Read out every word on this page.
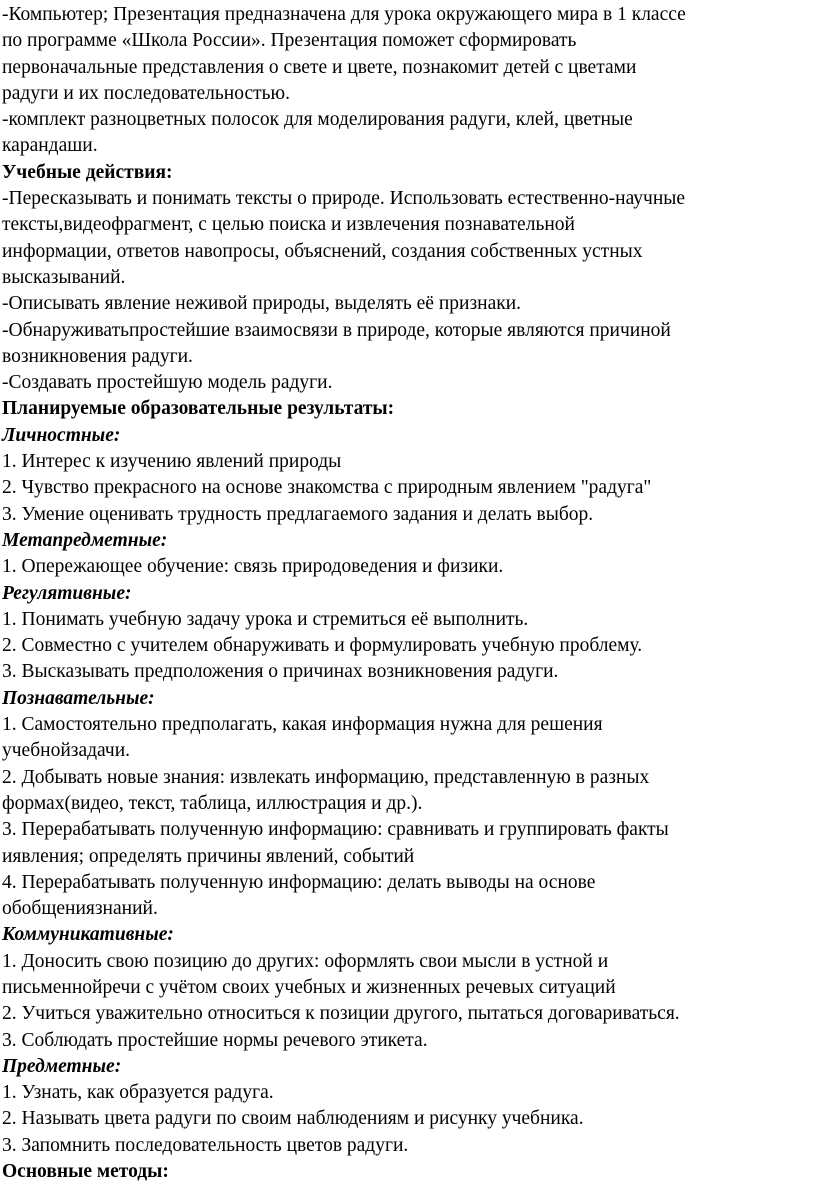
-Компьютер; Презентация предназначена для урока окружающего мира в 1 классе
по программе «Школа России». Презентация поможет сформировать
первоначальные представления о свете и цвете, познакомит детей с цветами
радуги и их последовательностью.
-комплект разноцветных полосок для моделирования радуги, клей, цветные
карандаши.
Учебные действия:
-Пересказывать и понимать тексты о природе. Использовать естественно-научные
тексты,видеофрагмент, с целью поиска и извлечения познавательной
информации, ответов навопросы, объяснений, создания собственных устных
высказываний.
-Описывать явление неживой природы, выделять её признаки.
-Обнаруживатьпростейшие взаимосвязи в природе, которые являются причиной
возникновения радуги.
-Создавать простейшую модель радуги.
Планируемые образовательные результаты:
Личностные:
1. Интерес к изучению явлений природы
2. Чувство прекрасного на основе знакомства с природным явлением "радуга"
3. Умение оценивать трудность предлагаемого задания и делать выбор.
Метапредметные:
1. Опережающее обучение: связь природоведения и физики.
Регулятивные:
1. Понимать учебную задачу урока и стремиться её выполнить.
2. Совместно с учителем обнаруживать и формулировать учебную проблему.
3. Высказывать предположения о причинах возникновения радуги.
Познавательные:
1. Самостоятельно предполагать, какая информация нужна для решения
учебнойзадачи.
2. Добывать новые знания: извлекать информацию, представленную в разных
формах(видео, текст, таблица, иллюстрация и др.).
3. Перерабатывать полученную информацию: сравнивать и группировать факты
иявления; определять причины явлений, событий
4. Перерабатывать полученную информацию: делать выводы на основе
обобщениязнаний.
Коммуникативные:
1. Доносить свою позицию до других: оформлять свои мысли в устной и
письменнойречи с учётом своих учебных и жизненных речевых ситуаций
2. Учиться уважительно относиться к позиции другого, пытаться договариваться.
3. Соблюдать простейшие нормы речевого этикета.
Предметные:
1. Узнать, как образуется радуга.
2. Называть цвета радуги по своим наблюдениям и рисунку учебника.
3. Запомнить последовательность цветов радуги.
Основные методы:
